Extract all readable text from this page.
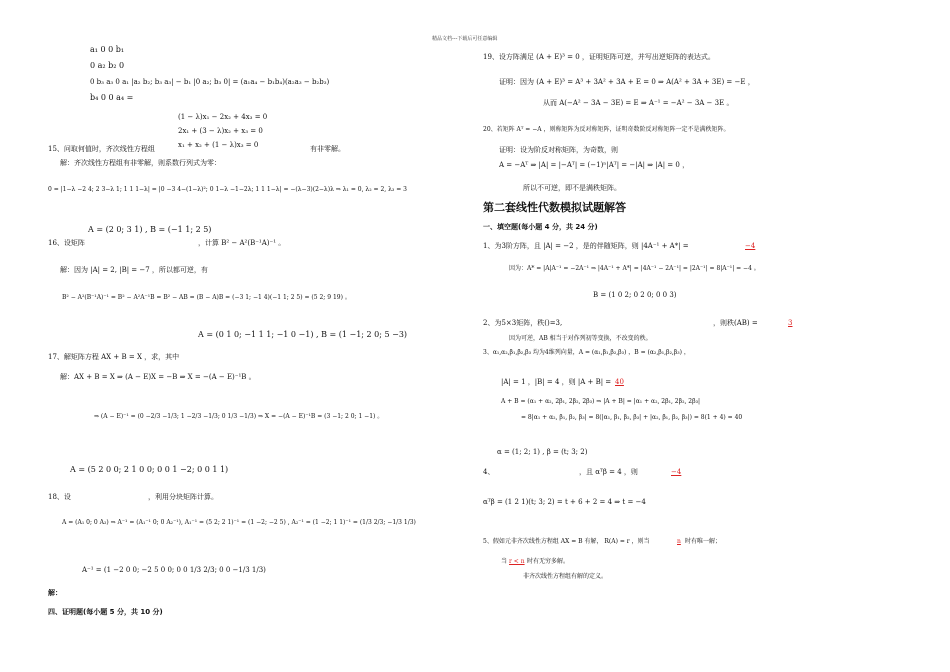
精品文档---下载后可任意编辑
a₁ 0 0 b₁
0 a₂ b₂ 0
0 b₃ a₃ 0 a₁ |a₂ b₂; b₃ a₃| − b₁ |0 a₂; b₃ 0| = (a₁a₄ − b₁b₄)(a₂a₃ − b₂b₃)
b₄ 0 0 a₄ =
(1 − λ)x₁ − 2x₂ + 4x₃ = 0
2x₁ + (3 − λ)x₂ + x₃ = 0
x₁ + x₂ + (1 − λ)x₃ = 0
15、问取何值时，齐次线性方程组	有非零解。
解：齐次线性方程组有非零解，则系数行列式为零：
0 = |1−λ −2 4; 2 3−λ 1; 1 1 1−λ| = |0 −3 4−(1−λ)²; 0 1−λ −1−2λ; 1 1 1−λ| = −(λ−3)(2−λ)λ ⇒ λ₁ = 0, λ₂ = 2, λ₃ = 3
A = (2 0; 3 1) , B = (−1 1; 2 5)
16、设矩阵	，计算 B² − A²(B⁻¹A)⁻¹ 。
解：因为 |A| = 2, |B| = −7 ，所以都可逆，有
B² − A²(B⁻¹A)⁻¹ = B² − A²A⁻¹B = B² − AB = (B − A)B = (−3 1; −1 4)(−1 1; 2 5) = (5 2; 9 19) 。
A = (0 1 0; −1 1 1; −1 0 −1) , B = (1 −1; 2 0; 5 −3)
17、解矩阵方程 AX + B = X ，求，其中
解：AX + B = X ⇒ (A − E)X = −B ⇒ X = −(A − E)⁻¹B 。
⇒ (A − E)⁻¹ = (0 −2/3 −1/3; 1 −2/3 −1/3; 0 1/3 −1/3) ⇒ X = −(A − E)⁻¹B = (3 −1; 2 0; 1 −1) 。
A = (5 2 0 0; 2 1 0 0; 0 0 1 −2; 0 0 1 1)
18、设	，利用分块矩阵计算。
A = (A₁ 0; 0 A₂) ⇒ A⁻¹ = (A₁⁻¹ 0; 0 A₂⁻¹), A₁⁻¹ = (5 2; 2 1)⁻¹ = (1 −2; −2 5) , A₂⁻¹ = (1 −2; 1 1)⁻¹ = (1/3 2/3; −1/3 1/3)
A⁻¹ = (1 −2 0 0; −2 5 0 0; 0 0 1/3 2/3; 0 0 −1/3 1/3)
解：
四、证明题(每小题 5 分，共 10 分)
19、设方阵满足 (A + E)³ = 0 ，证明矩阵可逆，并写出逆矩阵的表达式。
证明：因为 (A + E)³ = A³ + 3A² + 3A + E = 0 ⇒ A(A² + 3A + 3E) = −E ，
从而 A(−A² − 3A − 3E) = E ⇒ A⁻¹ = −A² − 3A − 3E 。
20、若矩阵 Aᵀ = −A ，则称矩阵为反对称矩阵，证明奇数阶反对称矩阵一定不是满秩矩阵。
证明：设为阶反对称矩阵，为奇数，则
A = −Aᵀ ⇒ |A| = |−Aᵀ| = (−1)ⁿ|Aᵀ| = −|A| ⇒ |A| = 0 ，
所以不可逆，即不是满秩矩阵。
第二套线性代数模拟试题解答
一、填空题(每小题 4 分，共 24 分)
1、为3阶方阵，且 |A| = −2 ，是的伴随矩阵，则 |4A⁻¹ + A*| =	−4
因为：A* = |A|A⁻¹ = −2A⁻¹ ⇒ |4A⁻¹ + A*| = |4A⁻¹ − 2A⁻¹| = |2A⁻¹| = 8|A⁻¹| = −4 。
B = (1 0 2; 0 2 0; 0 0 3)
2、为5×3矩阵，秩()=3,	，则秩(AB) =	3
因为可逆，AB 相当于对作列初等变换，不改变的秩。
3、α₁,α₂,β₁,β₂,β₃ 均为4维列向量，A = (α₁,β₁,β₂,β₃) ，B = (α₂,β₁,β₂,β₃) ，
|A| = 1 ，|B| = 4 ，则 |A + B| = 40
A + B = (α₁ + α₂, 2β₁, 2β₂, 2β₃) ⇒ |A + B| = |α₁ + α₂, 2β₁, 2β₂, 2β₃|
= 8|α₁ + α₂, β₁, β₂, β₃| = 8(|α₁, β₁, β₂, β₃| + |α₂, β₁, β₂, β₃|) = 8(1 + 4) = 40
α = (1; 2; 1) , β = (t; 3; 2)
4、	，且 αᵀβ = 4 ，则	−4
αᵀβ = (1 2 1)(t; 3; 2) = t + 6 + 2 = 4 ⇒ t = −4
5、假如元非齐次线性方程组 AX = B 有解， R(A) = r ，则当	n 时有唯一解；
当 r < n 时有无穷多解。
非齐次线性方程组有解的定义。
